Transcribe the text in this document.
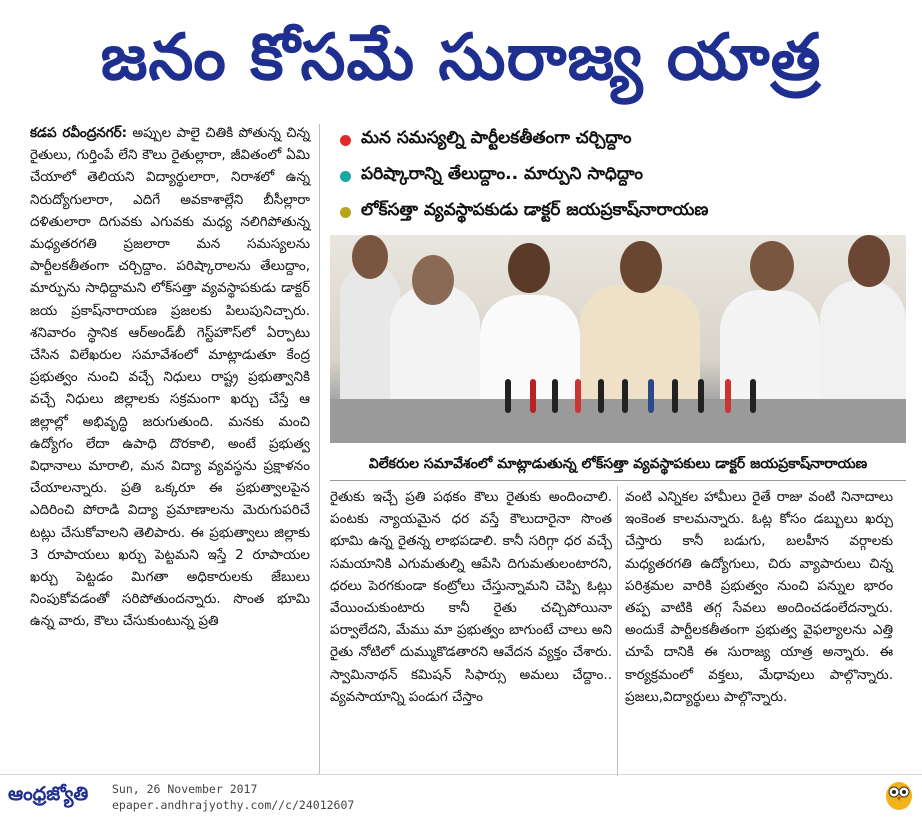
జనం కోసమే సురాజ్య యాత్ర
కడప రవీంద్రనగర్: అప్పుల పాలై చితికి పోతున్న చిన్న రైతులు, గుర్తింపే లేని కౌలు రైతుల్లారా, జీవితంలో ఏమి చేయాలో తెలియని విద్యార్థులారా, నిరాశలో ఉన్న నిరుద్యోగులారా, ఎదిగే అవకాశాల్లేని బీసీల్లారా దళితులారా దిగువకు ఎగువకు మధ్య నలిగిపోతున్న మధ్యతరగతి ప్రజలారా మన సమస్యలను పార్టీలకతీతంగా చర్చిద్దాం. పరిష్కారాలను తేలుద్దాం, మార్పును సాధిద్దామని లోక్‌సత్తా వ్యవస్థాపకుడు డాక్టర్ జయ ప్రకాష్‌నారాయణ ప్రజలకు పిలుపునిచ్చారు. శనివారం స్థానిక ఆర్‌అండ్‌బీ గెస్ట్‌హౌస్‌లో ఏర్పాటు చేసిన విలేఖరుల సమావేశంలో మాట్లాడుతూ కేంద్ర ప్రభుత్వం నుంచి వచ్చే నిధులు రాష్ట్ర ప్రభుత్వానికి వచ్చే నిధులు జిల్లాలకు సక్రమంగా ఖర్చు చేస్తే ఆ జిల్లాల్లో అభివృద్ధి జరుగుతుంది. మనకు మంచి ఉద్యోగం లేదా ఉపాధి దొరకాలి, అంటే ప్రభుత్వ విధానాలు మారాలి, మన విద్యా వ్యవస్థను ప్రక్షాళనం చేయాలన్నారు. ప్రతి ఒక్కరూ ఈ ప్రభుత్వాలపైన ఎదిరించి పోరాడి విద్యా ప్రమాణాలను మెరుగుపరిచే టట్లు చేసుకోవాలని తెలిపారు. ఈ ప్రభుత్వాలు జిల్లాకు 3 రూపాయలు ఖర్చు పెట్టమని ఇస్తే 2 రూపాయల ఖర్చు పెట్టడం మిగతా అధికారులకు జేబులు నింపుకోవడంతో సరిపోతుందన్నారు. సొంత భూమి ఉన్న వారు, కౌలు చేసుకుంటున్న ప్రతి
మన సమస్యల్ని పార్టీలకతీతంగా చర్చిద్దాం
పరిష్కారాన్ని తేలుద్దాం.. మార్పుని సాధిద్దాం
లోక్‌సత్తా వ్యవస్థాపకుడు డాక్టర్ జయప్రకాష్‌నారాయణ
విలేకరుల సమావేశంలో మాట్లాడుతున్న లోక్‌సత్తా వ్యవస్థాపకులు డాక్టర్ జయప్రకాష్‌నారాయణ
రైతుకు ఇచ్చే ప్రతి పథకం కౌలు రైతుకు అందించాలి. పంటకు న్యాయమైన ధర వస్తే కౌలుదారైనా సొంత భూమి ఉన్న రైతన్న లాభపడాలి. కానీ సరిగ్గా ధర వచ్చే సమయానికి ఎగుమతుల్ని ఆపేసి దిగుమతులంటారని, ధరలు పెరగకుండా కంట్రోలు చేస్తున్నామని చెప్పి ఓట్లు వేయించుకుంటారు కానీ రైతు చచ్చిపోయినా పర్వాలేదని, మేము మా ప్రభుత్వం బాగుంటే చాలు అని రైతు నోటిలో దుమ్ముకొడతారని ఆవేదన వ్యక్తం చేశారు. స్వామినాథన్ కమిషన్ సిఫార్సు అమలు చేద్దాం.. వ్యవసాయాన్ని పండుగ చేస్తాం
వంటి ఎన్నికల హామీలు రైతే రాజు వంటి నినాదాలు ఇంకెంత కాలమన్నారు. ఓట్ల కోసం డబ్బులు ఖర్చు చేస్తారు కానీ బడుగు, బలహీన వర్గాలకు మధ్యతరగతి ఉద్యోగులు, చిరు వ్యాపారులు చిన్న పరిశ్రమల వారికి ప్రభుత్వం నుంచి పన్నుల భారం తప్ప వాటికి తగ్గ సేవలు అందించడంలేదన్నారు. అందుకే పార్టీలకతీతంగా ప్రభుత్వ వైఫల్యాలను ఎత్తి చూపే దానికి ఈ సురాజ్య యాత్ర అన్నారు. ఈ కార్యక్రమంలో వక్తలు, మేధావులు పాల్గొన్నారు. ప్రజలు,విద్యార్థులు పాల్గొన్నారు.
ఆంధ్రజ్యోతి Sun, 26 November 2017
epaper.andhrajyothy.com//c/24012607
